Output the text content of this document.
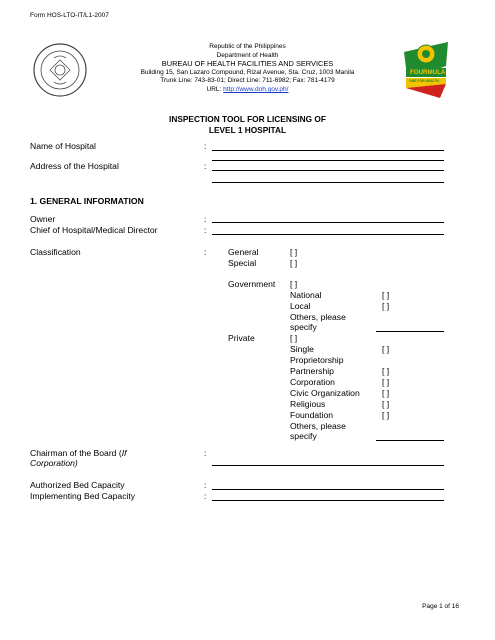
Form HOS-LTO-IT/L1-2007
Republic of the Philippines
Department of Health
BUREAU OF HEALTH FACILITIES AND SERVICES
Building 15, San Lazaro Compound, Rizal Avenue, Sta. Cruz, 1003 Manila
Trunk Line: 743-83-01; Direct Line: 711-6982; Fax: 781-4179
URL: http://www.doh.gov.ph/
FOURMULA
ONE FOR HEALTH
INSPECTION TOOL FOR LICENSING OF
LEVEL 1 HOSPITAL
Name of Hospital	:
Address of the Hospital	:
1. GENERAL INFORMATION
Owner	:
Chief of Hospital/Medical Director	:
Classification	:	General	[ ]
Special	[ ]
Government [ ]
National	[ ]
Local	[ ]
Others, please
specify
Private	[ ]
Single	[ ]
Proprietorship
Partnership	[ ]
Corporation	[ ]
Civic Organization	[ ]
Religious	[ ]
Foundation	[ ]
Others, please
specify
Chairman of the Board (If
Corporation)
:
Authorized Bed Capacity	:
Implementing Bed Capacity	:
Page 1 of 16
